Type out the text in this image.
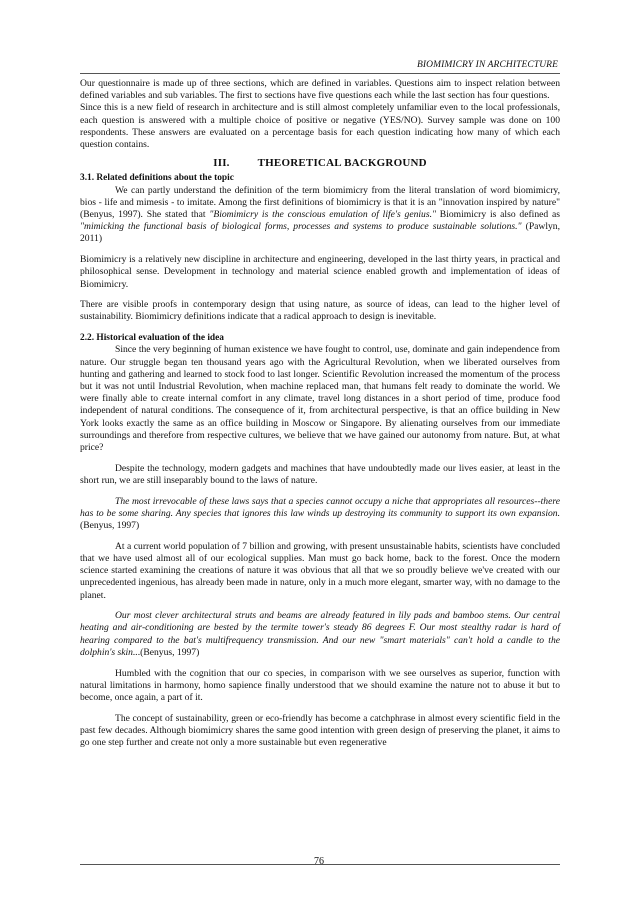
BIOMIMICRY IN ARCHITECTURE

Our questionnaire is made up of three sections, which are defined in variables. Questions aim to inspect relation between defined variables and sub variables. The first to sections have five questions each while the last section has four questions.

Since this is a new field of research in architecture and is still almost completely unfamiliar even to the local professionals, each question is answered with a multiple choice of positive or negative (YES/NO). Survey sample was done on 100 respondents. These answers are evaluated on a percentage basis for each question indicating how many of which each question contains.

III.	THEORETICAL BACKGROUND

3.1. Related definitions about the topic

We can partly understand the definition of the term biomimicry from the literal translation of word biomimicry, bios - life and mimesis - to imitate. Among the first definitions of biomimicry is that it is an "innovation inspired by nature" (Benyus, 1997). She stated that "Biomimicry is the conscious emulation of life's genius." Biomimicry is also defined as "mimicking the functional basis of biological forms, processes and systems to produce sustainable solutions." (Pawlyn, 2011)

Biomimicry is a relatively new discipline in architecture and engineering, developed in the last thirty years, in practical and philosophical sense. Development in technology and material science enabled growth and implementation of ideas of Biomimicry.

There are visible proofs in contemporary design that using nature, as source of ideas, can lead to the higher level of sustainability. Biomimicry definitions indicate that a radical approach to design is inevitable.

2.2. Historical evaluation of the idea

Since the very beginning of human existence we have fought to control, use, dominate and gain independence from nature. Our struggle began ten thousand years ago with the Agricultural Revolution, when we liberated ourselves from hunting and gathering and learned to stock food to last longer. Scientific Revolution increased the momentum of the process but it was not until Industrial Revolution, when machine replaced man, that humans felt ready to dominate the world. We were finally able to create internal comfort in any climate, travel long distances in a short period of time, produce food independent of natural conditions. The consequence of it, from architectural perspective, is that an office building in New York looks exactly the same as an office building in Moscow or Singapore. By alienating ourselves from our immediate surroundings and therefore from respective cultures, we believe that we have gained our autonomy from nature. But, at what price?

Despite the technology, modern gadgets and machines that have undoubtedly made our lives easier, at least in the short run, we are still inseparably bound to the laws of nature.

The most irrevocable of these laws says that a species cannot occupy a niche that appropriates all resources--there has to be some sharing. Any species that ignores this law winds up destroying its community to support its own expansion. (Benyus, 1997)

At a current world population of 7 billion and growing, with present unsustainable habits, scientists have concluded that we have used almost all of our ecological supplies. Man must go back home, back to the forest. Once the modern science started examining the creations of nature it was obvious that all that we so proudly believe we've created with our unprecedented ingenious, has already been made in nature, only in a much more elegant, smarter way, with no damage to the planet.

Our most clever architectural struts and beams are already featured in lily pads and bamboo stems. Our central heating and air-conditioning are bested by the termite tower's steady 86 degrees F. Our most stealthy radar is hard of hearing compared to the bat's multifrequency transmission. And our new "smart materials" can't hold a candle to the dolphin's skin...(Benyus, 1997)

Humbled with the cognition that our co species, in comparison with we see ourselves as superior, function with natural limitations in harmony, homo sapience finally understood that we should examine the nature not to abuse it but to become, once again, a part of it.

The concept of sustainability, green or eco-friendly has become a catchphrase in almost every scientific field in the past few decades. Although biomimicry shares the same good intention with green design of preserving the planet, it aims to go one step further and create not only a more sustainable but even regenerative

76
